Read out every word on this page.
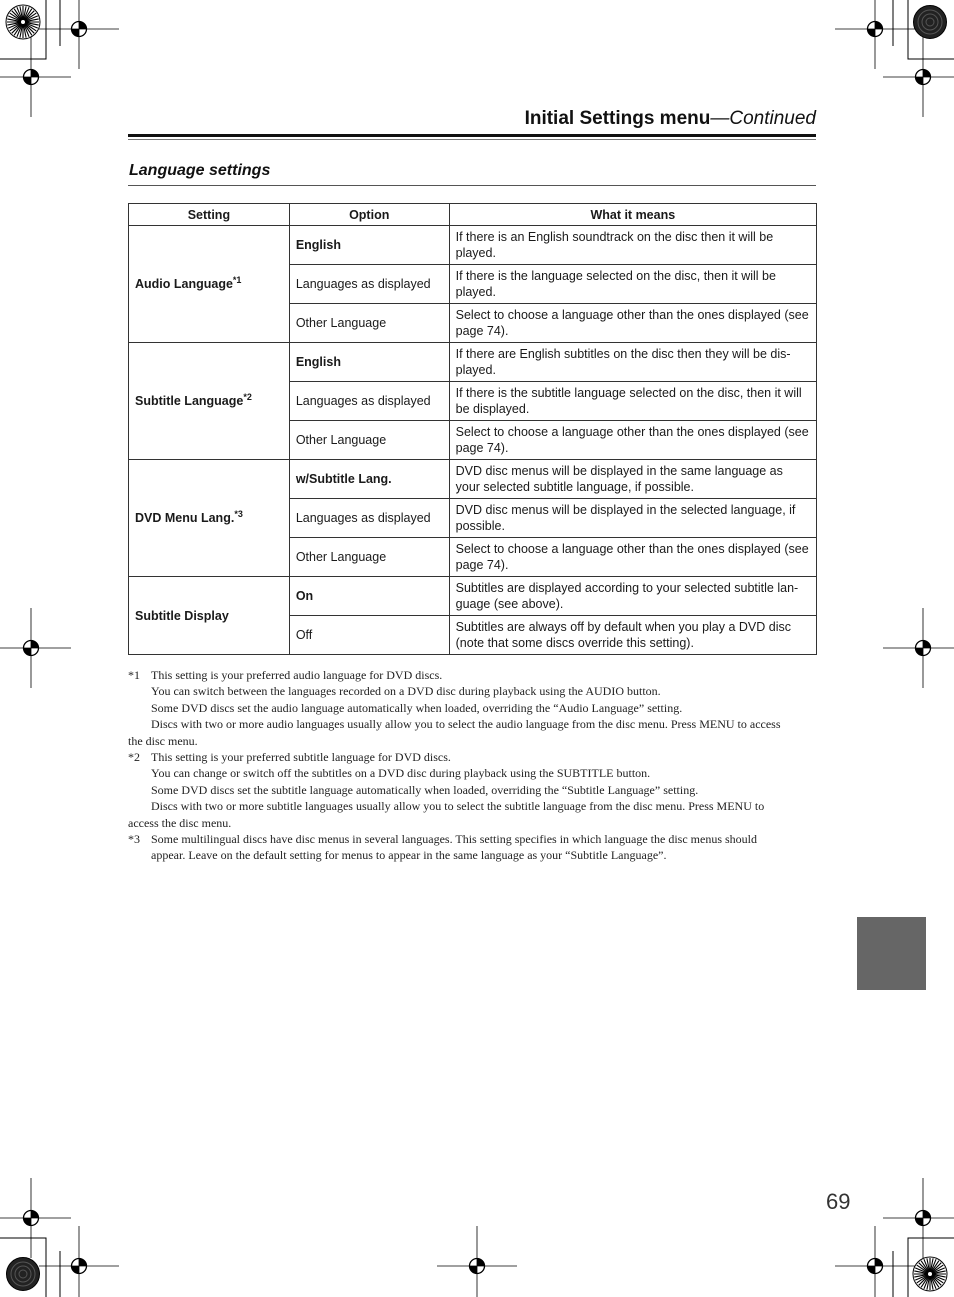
Initial Settings menu—Continued
Language settings
Setting	Option	What it means
Audio Language$^{*1}$	English	If there is an English soundtrack on the disc then it will be played.
	Languages as displayed	If there is the language selected on the disc, then it will be played.
	Other Language	Select to choose a language other than the ones displayed (see page 74).
Subtitle Language$^{*2}$	English	If there are English subtitles on the disc then they will be dis-played.
	Languages as displayed	If there is the subtitle language selected on the disc, then it will be displayed.
	Other Language	Select to choose a language other than the ones displayed (see page 74).
DVD Menu Lang.$^{*3}$	w/Subtitle Lang.	DVD disc menus will be displayed in the same language as your selected subtitle language, if possible.
	Languages as displayed	DVD disc menus will be displayed in the selected language, if possible.
	Other Language	Select to choose a language other than the ones displayed (see page 74).
Subtitle Display	On	Subtitles are displayed according to your selected subtitle lan-guage (see above).
	Off	Subtitles are always off by default when you play a DVD disc (note that some discs override this setting).
*1 This setting is your preferred audio language for DVD discs.
You can switch between the languages recorded on a DVD disc during playback using the AUDIO button.
Some DVD discs set the audio language automatically when loaded, overriding the “Audio Language” setting.
Discs with two or more audio languages usually allow you to select the audio language from the disc menu. Press MENU to access
the disc menu.
*2 This setting is your preferred subtitle language for DVD discs.
You can change or switch off the subtitles on a DVD disc during playback using the SUBTITLE button.
Some DVD discs set the subtitle language automatically when loaded, overriding the “Subtitle Language” setting.
Discs with two or more subtitle languages usually allow you to select the subtitle language from the disc menu. Press MENU to
access the disc menu.
*3 Some multilingual discs have disc menus in several languages. This setting specifies in which language the disc menus should
appear. Leave on the default setting for menus to appear in the same language as your “Subtitle Language”.
69
